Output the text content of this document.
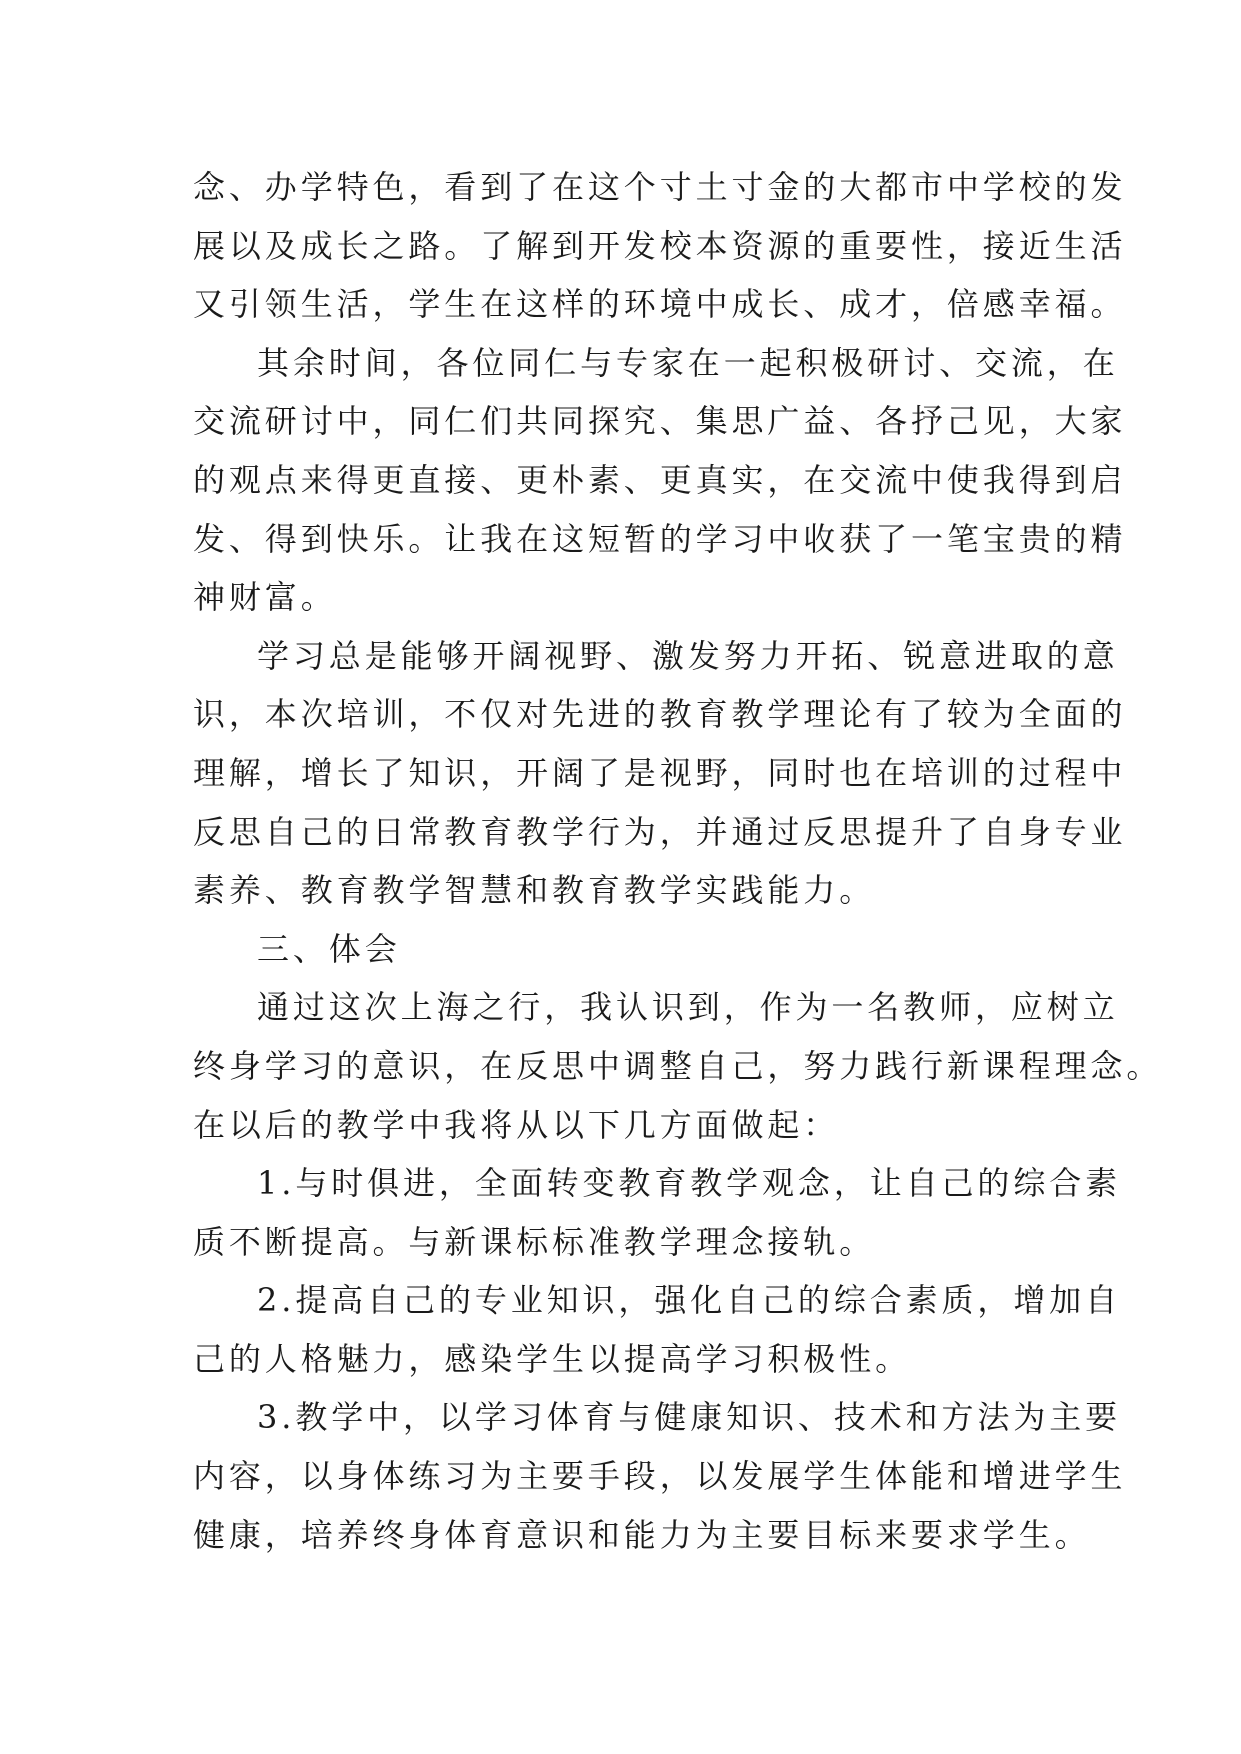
念、办学特色，看到了在这个寸土寸金的大都市中学校的发
展以及成长之路。了解到开发校本资源的重要性，接近生活
又引领生活，学生在这样的环境中成长、成才，倍感幸福。
其余时间，各位同仁与专家在一起积极研讨、交流，在
交流研讨中，同仁们共同探究、集思广益、各抒己见，大家
的观点来得更直接、更朴素、更真实，在交流中使我得到启
发、得到快乐。让我在这短暂的学习中收获了一笔宝贵的精
神财富。
学习总是能够开阔视野、激发努力开拓、锐意进取的意
识，本次培训，不仅对先进的教育教学理论有了较为全面的
理解，增长了知识，开阔了是视野，同时也在培训的过程中
反思自己的日常教育教学行为，并通过反思提升了自身专业
素养、教育教学智慧和教育教学实践能力。
三、体会
通过这次上海之行，我认识到，作为一名教师，应树立
终身学习的意识，在反思中调整自己，努力践行新课程理念。
在以后的教学中我将从以下几方面做起：
1.与时俱进，全面转变教育教学观念，让自己的综合素
质不断提高。与新课标标准教学理念接轨。
2.提高自己的专业知识，强化自己的综合素质，增加自
己的人格魅力，感染学生以提高学习积极性。
3.教学中，以学习体育与健康知识、技术和方法为主要
内容，以身体练习为主要手段，以发展学生体能和增进学生
健康，培养终身体育意识和能力为主要目标来要求学生。
